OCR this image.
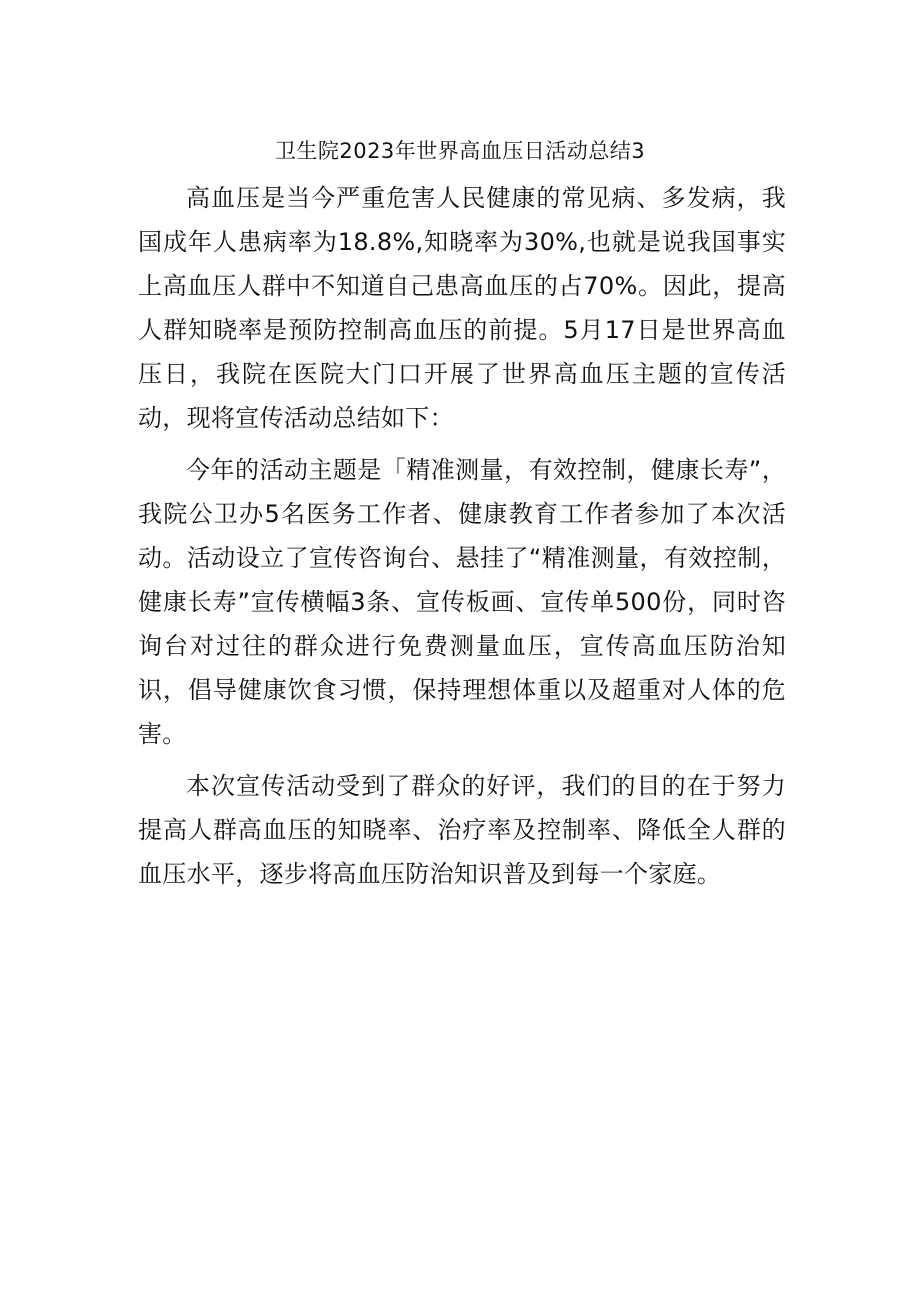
卫生院2023年世界高血压日活动总结3

高血压是当今严重危害人民健康的常见病、多发病，我国成年人患病率为18.8%,知晓率为30%,也就是说我国事实上高血压人群中不知道自己患高血压的占70%。因此，提高人群知晓率是预防控制高血压的前提。5月17日是世界高血压日，我院在医院大门口开展了世界高血压主题的宣传活动，现将宣传活动总结如下：

今年的活动主题是「精准测量，有效控制，健康长寿”，我院公卫办5名医务工作者、健康教育工作者参加了本次活动。活动设立了宣传咨询台、悬挂了“精准测量，有效控制，健康长寿”宣传横幅3条、宣传板画、宣传单500份，同时咨询台对过往的群众进行免费测量血压，宣传高血压防治知识，倡导健康饮食习惯，保持理想体重以及超重对人体的危害。

本次宣传活动受到了群众的好评，我们的目的在于努力提高人群高血压的知晓率、治疗率及控制率、降低全人群的血压水平，逐步将高血压防治知识普及到每一个家庭。
